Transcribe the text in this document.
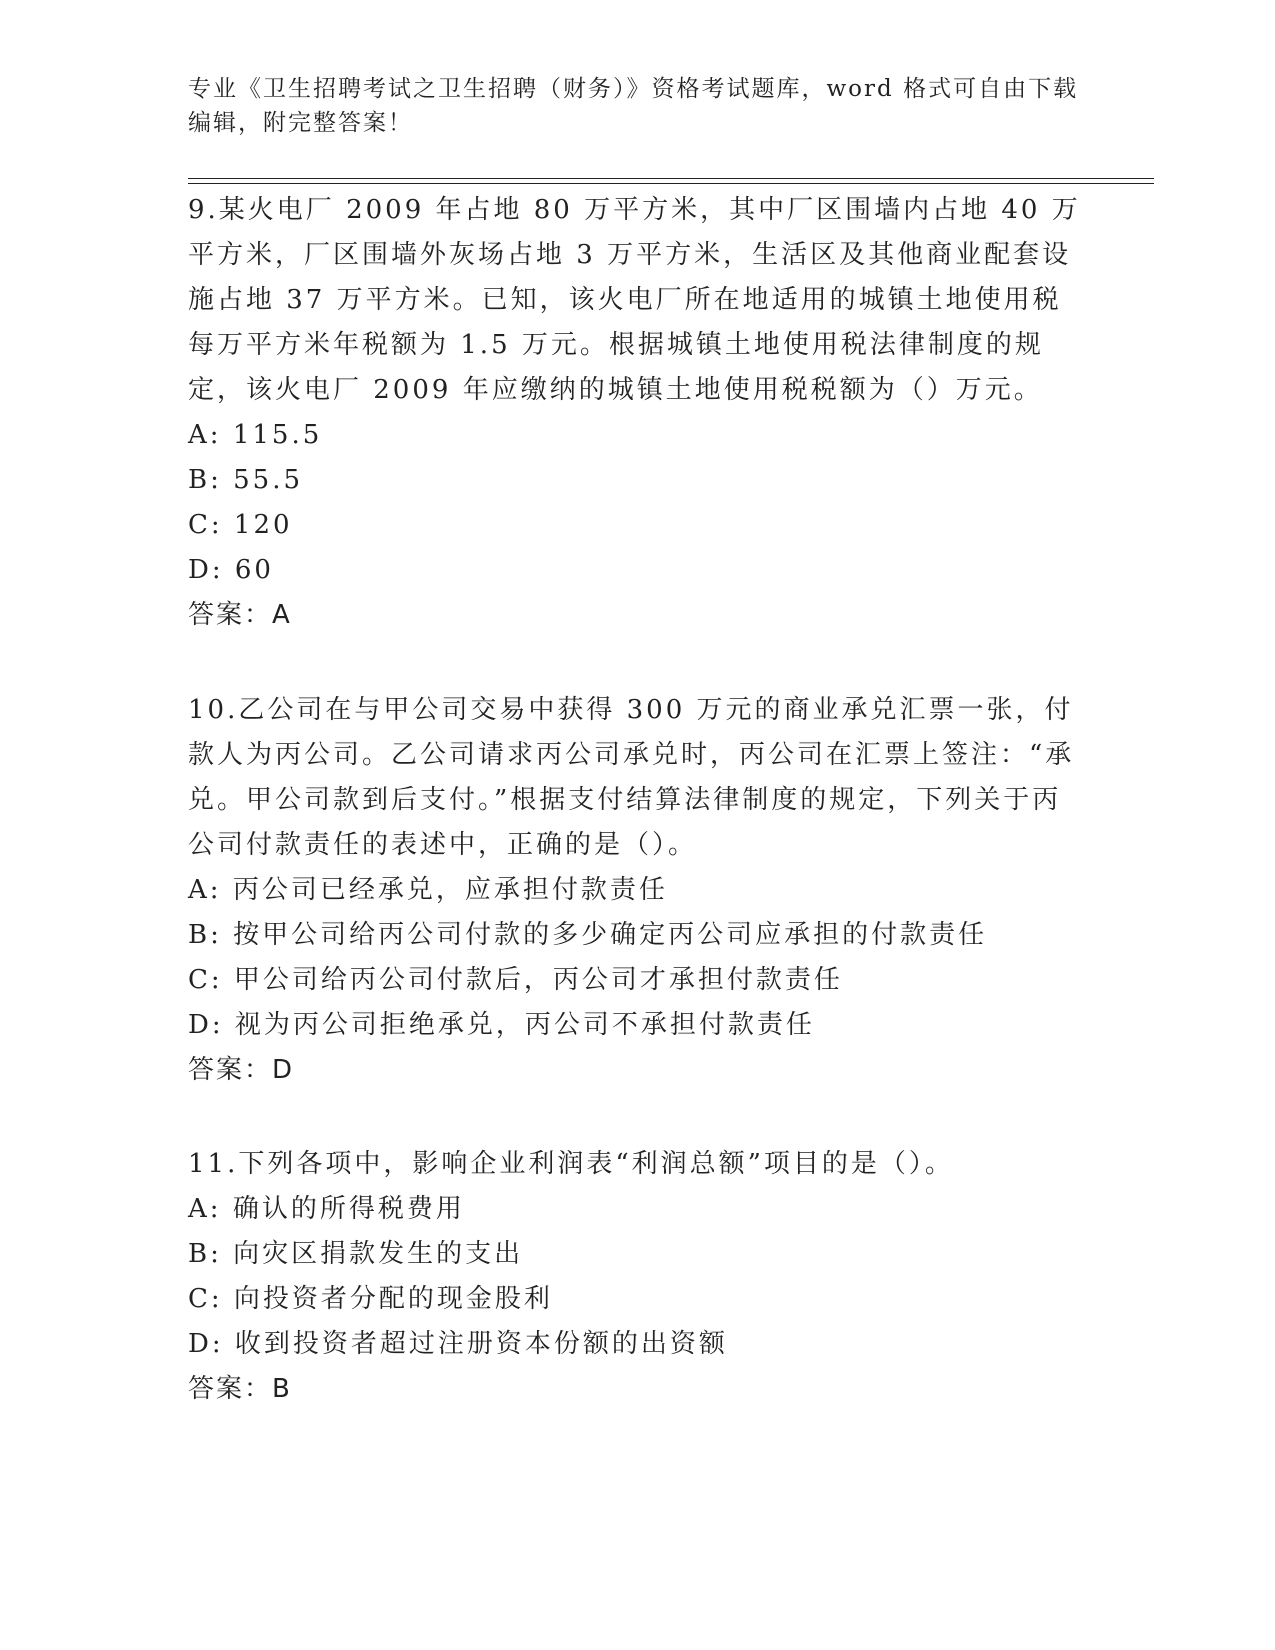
专业《卫生招聘考试之卫生招聘（财务）》资格考试题库，word 格式可自由下载编辑，附完整答案！

9.某火电厂 2009 年占地 80 万平方米，其中厂区围墙内占地 40 万平方米，厂区围墙外灰场占地 3 万平方米，生活区及其他商业配套设施占地 37 万平方米。已知，该火电厂所在地适用的城镇土地使用税每万平方米年税额为 1.5 万元。根据城镇土地使用税法律制度的规定，该火电厂 2009 年应缴纳的城镇土地使用税税额为（）万元。

A: 115.5

B: 55.5

C: 120

D: 60

答案：A

10.乙公司在与甲公司交易中获得 300 万元的商业承兑汇票一张，付款人为丙公司。乙公司请求丙公司承兑时，丙公司在汇票上签注：“承兑。甲公司款到后支付。”根据支付结算法律制度的规定，下列关于丙公司付款责任的表述中，正确的是（）。

A: 丙公司已经承兑，应承担付款责任

B: 按甲公司给丙公司付款的多少确定丙公司应承担的付款责任

C: 甲公司给丙公司付款后，丙公司才承担付款责任

D: 视为丙公司拒绝承兑，丙公司不承担付款责任

答案：D

11.下列各项中，影响企业利润表“利润总额”项目的是（）。

A: 确认的所得税费用

B: 向灾区捐款发生的支出

C: 向投资者分配的现金股利

D: 收到投资者超过注册资本份额的出资额

答案：B
